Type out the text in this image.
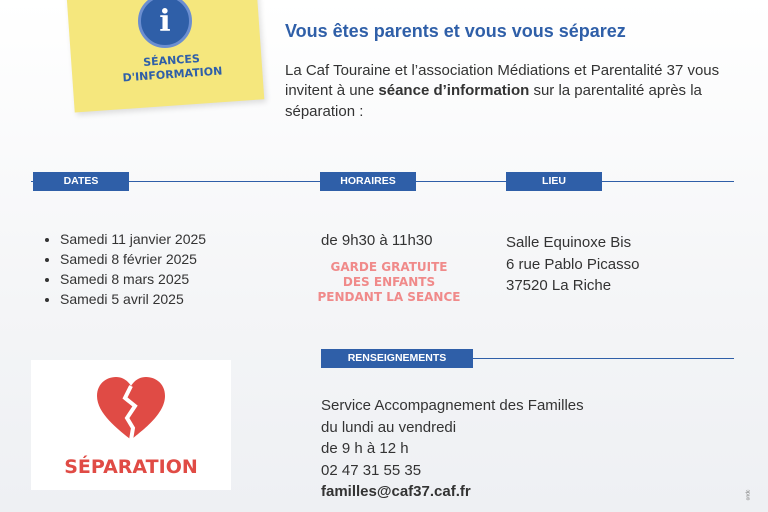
i
SÉANCES
D'INFORMATION
Vous êtes parents et vous vous séparez
La Caf Touraine et l’association Médiations et Parentalité 37 vous invitent à une séance d’information sur la parentalité après la séparation :
DATES	HORAIRES	LIEU
RENSEIGNEMENTS
• Samedi 11 janvier 2025
• Samedi 8 février 2025
• Samedi 8 mars 2025
• Samedi 5 avril 2025
de 9h30 à 11h30
GARDE GRATUITE
DES ENFANTS
PENDANT LA SEANCE
Salle Equinoxe Bis
6 rue Pablo Picasso
37520 La Riche
SÉPARATION
Service Accompagnement des Familles
du lundi au vendredi
de 9 h à 12 h
02 47 31 55 35
familles@caf37.caf.fr	ondc
